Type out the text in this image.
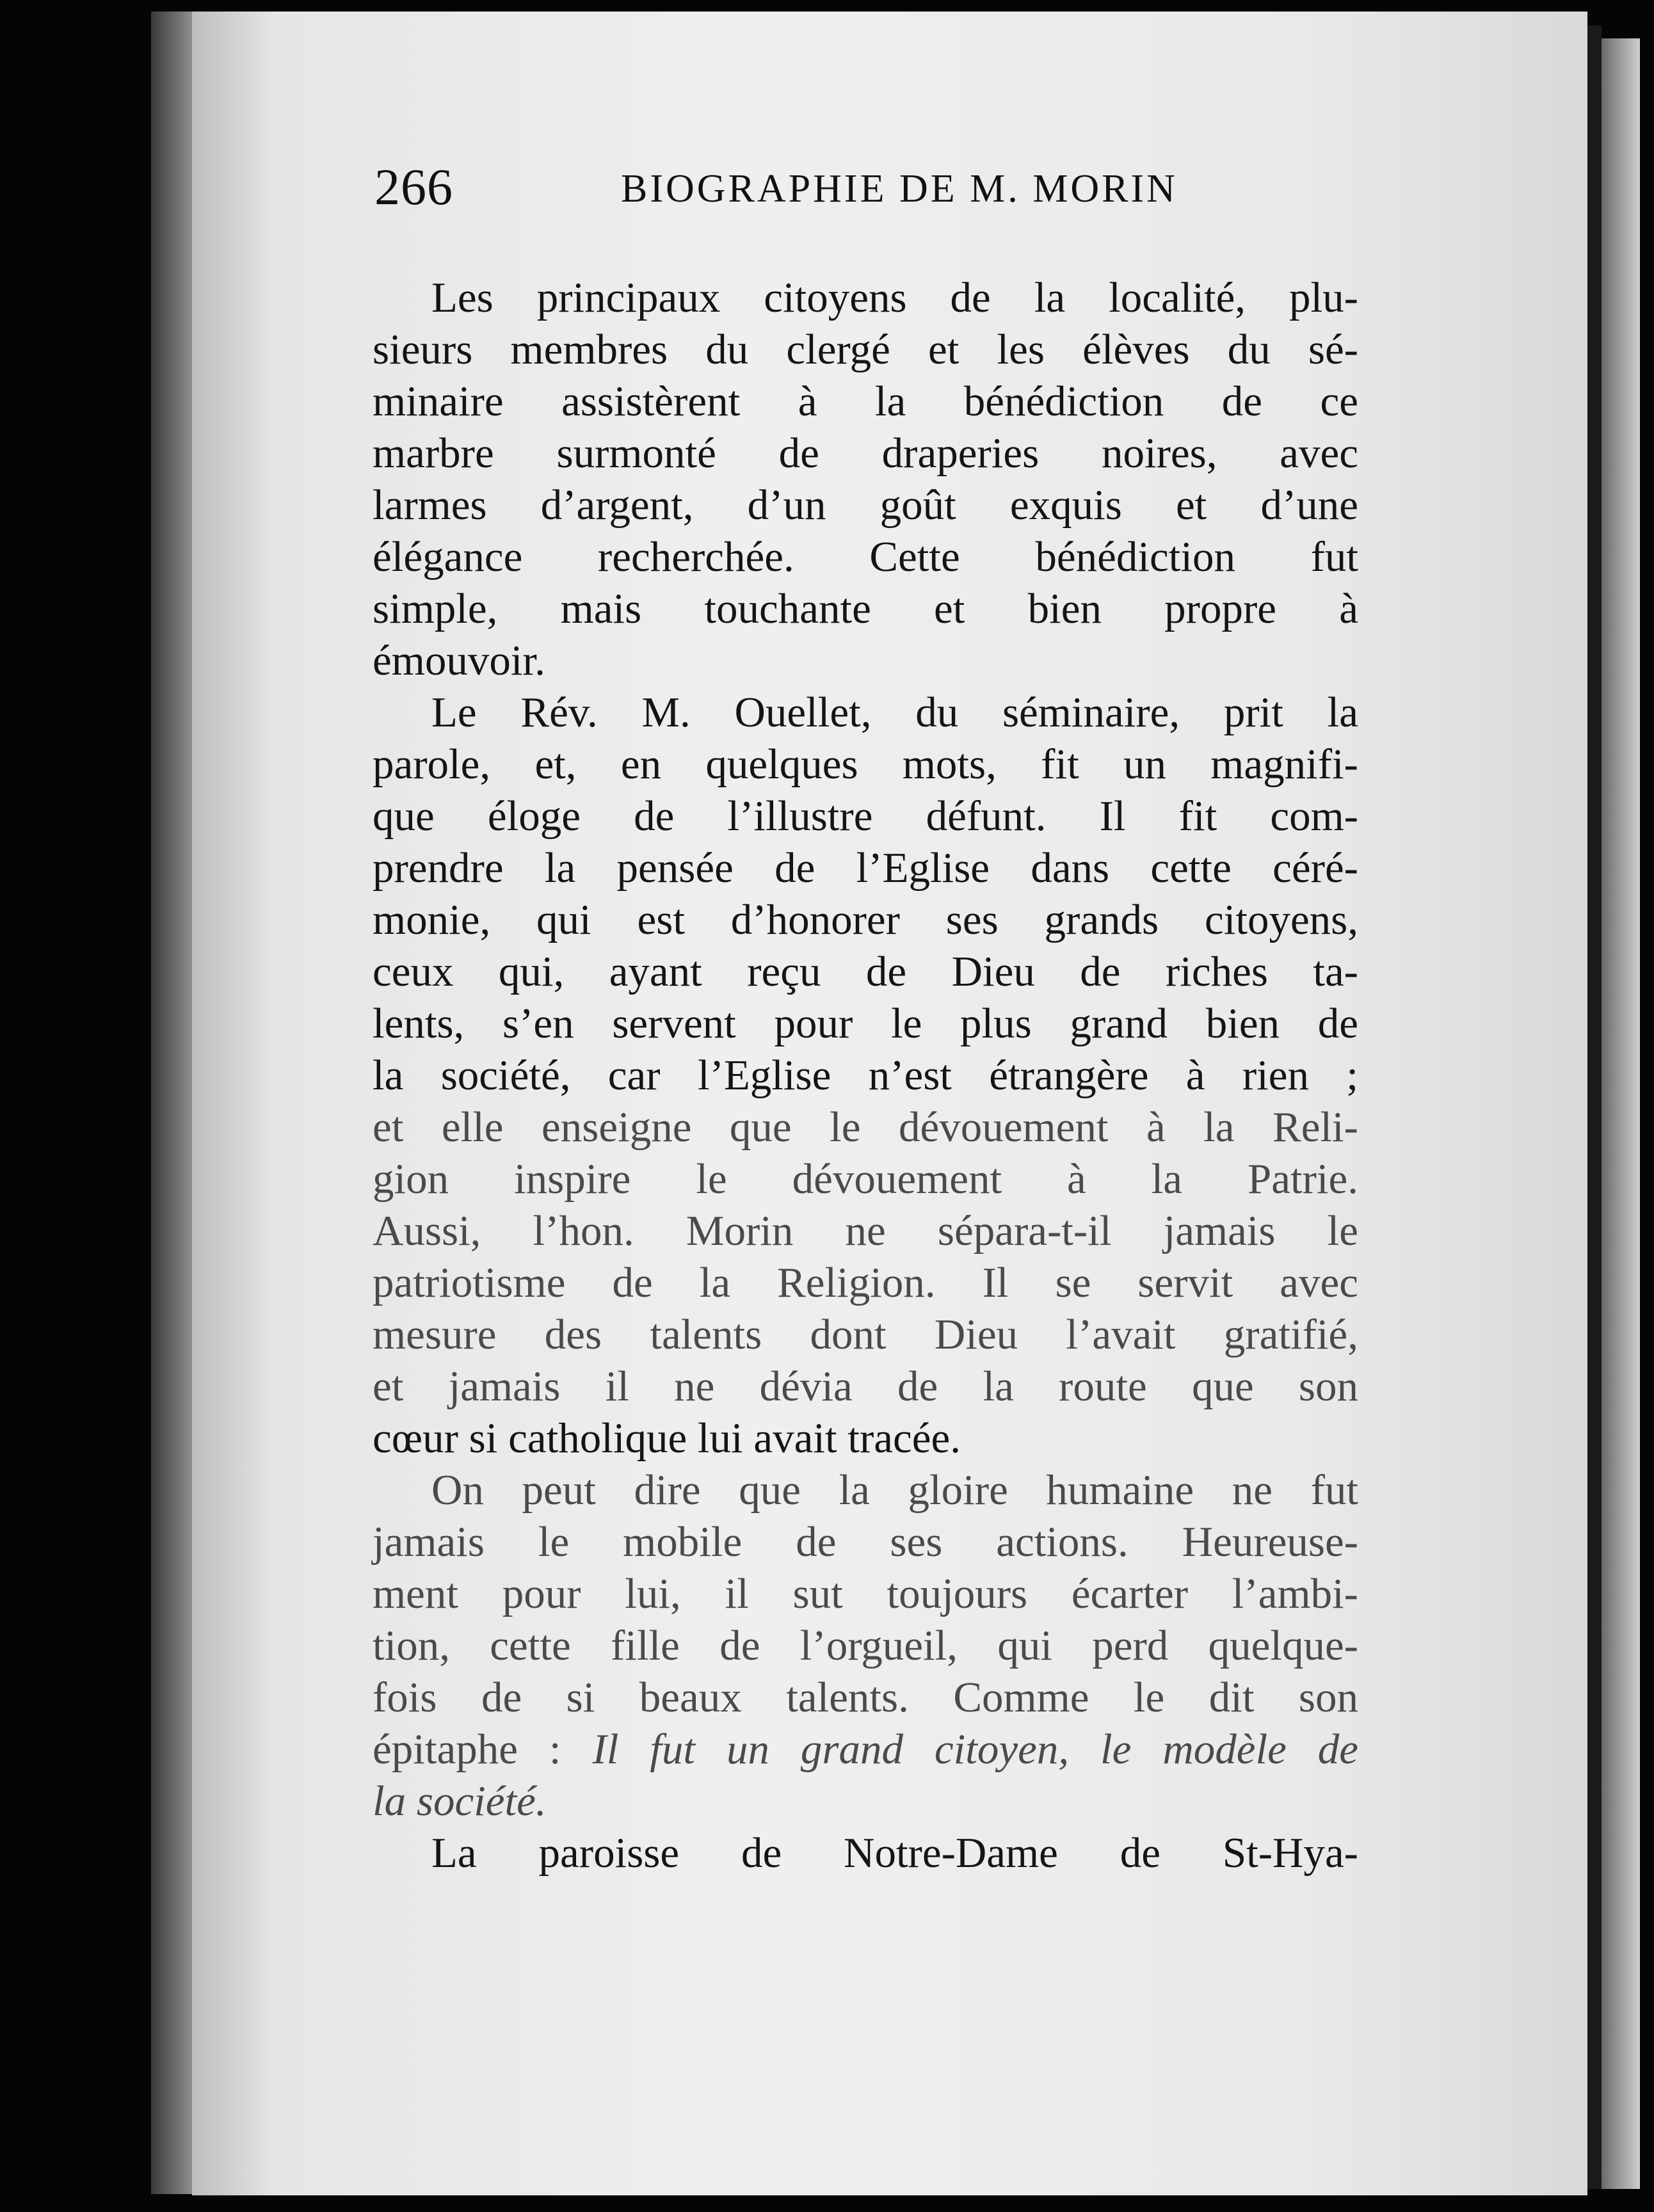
266	BIOGRAPHIE DE M. MORIN
Les principaux citoyens de la localité, plu-
sieurs membres du clergé et les élèves du sé-
minaire assistèrent à la bénédiction de ce
marbre surmonté de draperies noires, avec
larmes d’argent, d’un goût exquis et d’une
élégance recherchée. Cette bénédiction fut
simple, mais touchante et bien propre à
émouvoir.
Le Rév. M. Ouellet, du séminaire, prit la
parole, et, en quelques mots, fit un magnifi-
que éloge de l’illustre défunt. Il fit com-
prendre la pensée de l’Eglise dans cette céré-
monie, qui est d’honorer ses grands citoyens,
ceux qui, ayant reçu de Dieu de riches ta-
lents, s’en servent pour le plus grand bien de
la société, car l’Eglise n’est étrangère à rien ;
et elle enseigne que le dévouement à la Reli-
gion inspire le dévouement à la Patrie.
Aussi, l’hon. Morin ne sépara-t-il jamais le
patriotisme de la Religion. Il se servit avec
mesure des talents dont Dieu l’avait gratifié,
et jamais il ne dévia de la route que son
cœur si catholique lui avait tracée.
On peut dire que la gloire humaine ne fut
jamais le mobile de ses actions. Heureuse-
ment pour lui, il sut toujours écarter l’ambi-
tion, cette fille de l’orgueil, qui perd quelque-
fois de si beaux talents. Comme le dit son
épitaphe : Il fut un grand citoyen, le modèle de
la société.
La paroisse de Notre-Dame de St-Hya-
